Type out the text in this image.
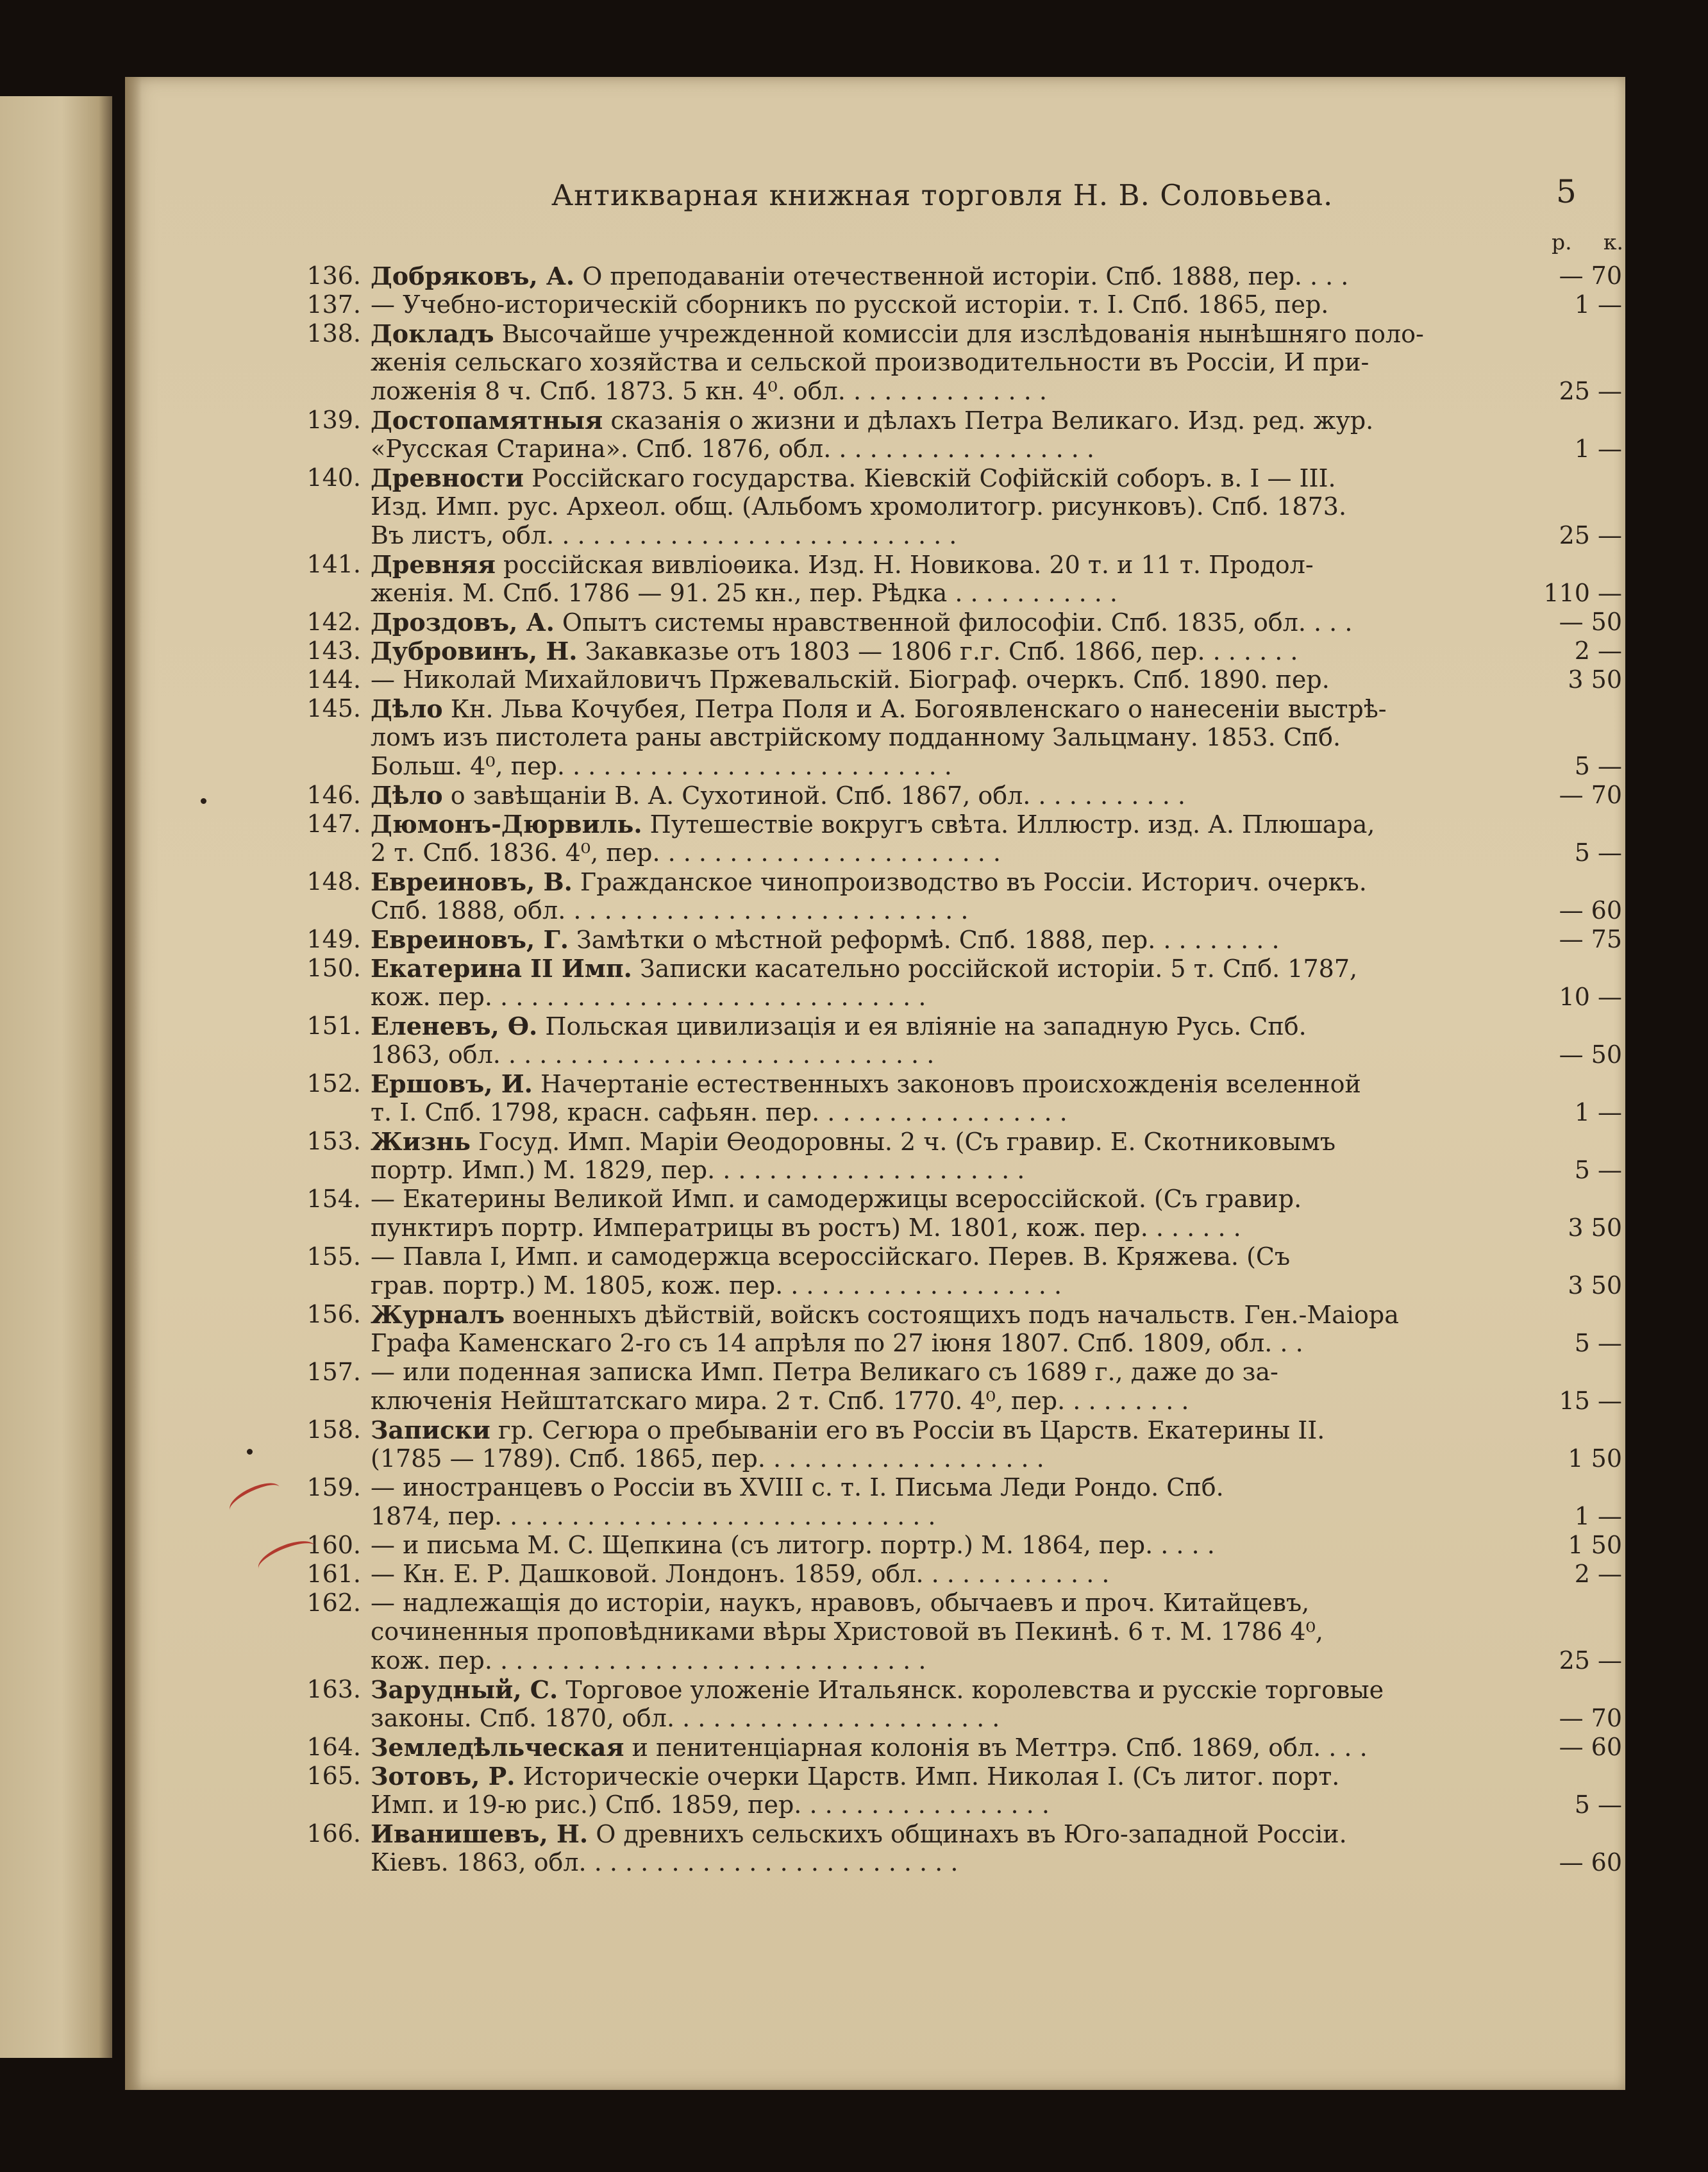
Антикварная книжная торговля Н. В. Соловьева.	5
р. к.
136. Добряковъ, А. О преподаваніи отечественной исторіи. Спб. 1888, пер. . . .	— 70
137. — Учебно-историческій сборникъ по русской исторіи. т. I. Спб. 1865, пер.	1 —
138. Докладъ Высочайше учрежденной комиссіи для изслѣдованія нынѣшняго поло-
женія сельскаго хозяйства и сельской производительности въ Россіи, И при-
ложенія 8 ч. Спб. 1873. 5 кн. 4⁰. обл. . . . . . . . . . . . . .	25 —
139. Достопамятныя сказанія о жизни и дѣлахъ Петра Великаго. Изд. ред. жур.
«Русская Старина». Спб. 1876, обл. . . . . . . . . . . . . . . . . .	1 —
140. Древности Россійскаго государства. Кіевскій Софійскій соборъ. в. I — III.
Изд. Имп. рус. Археол. общ. (Альбомъ хромолитогр. рисунковъ). Спб. 1873.
Въ листъ, обл. . . . . . . . . . . . . . . . . . . . . . . . . . .	25 —
141. Древняя россійская вивліоѳика. Изд. Н. Новикова. 20 т. и 11 т. Продол-
женія. М. Спб. 1786 — 91. 25 кн., пер. Рѣдка . . . . . . . . . . .	110 —
142. Дроздовъ, А. Опытъ системы нравственной философіи. Спб. 1835, обл. . . .	— 50
143. Дубровинъ, Н. Закавказье отъ 1803 — 1806 г.г. Спб. 1866, пер. . . . . . .	2 —
144. — Николай Михайловичъ Пржевальскій. Біограф. очеркъ. Спб. 1890. пер.	3 50
145. Дѣло Кн. Льва Кочубея, Петра Поля и А. Богоявленскаго о нанесеніи выстрѣ-
ломъ изъ пистолета раны австрійскому подданному Зальцману. 1853. Спб.
Больш. 4⁰, пер. . . . . . . . . . . . . . . . . . . . . . . . . .	5 —
146. Дѣло о завѣщаніи В. А. Сухотиной. Спб. 1867, обл. . . . . . . . . . .	— 70
147. Дюмонъ-Дюрвиль. Путешествіе вокругъ свѣта. Иллюстр. изд. А. Плюшара,
2 т. Спб. 1836. 4⁰, пер. . . . . . . . . . . . . . . . . . . . . . .	5 —
148. Евреиновъ, В. Гражданское чинопроизводство въ Россіи. Историч. очеркъ.
Спб. 1888, обл. . . . . . . . . . . . . . . . . . . . . . . . . . .	— 60
149. Евреиновъ, Г. Замѣтки о мѣстной реформѣ. Спб. 1888, пер. . . . . . . . .	— 75
150. Екатерина II Имп. Записки касательно россійской исторіи. 5 т. Спб. 1787,
кож. пер. . . . . . . . . . . . . . . . . . . . . . . . . . . . .	10 —
151. Еленевъ, Ѳ. Польская цивилизація и ея вліяніе на западную Русь. Спб.
1863, обл. . . . . . . . . . . . . . . . . . . . . . . . . . . . .	— 50
152. Ершовъ, И. Начертаніе естественныхъ законовъ происхожденія вселенной
т. I. Спб. 1798, красн. сафьян. пер. . . . . . . . . . . . . . . . .	1 —
153. Жизнь Госуд. Имп. Маріи Ѳеодоровны. 2 ч. (Съ гравир. Е. Скотниковымъ
портр. Имп.) М. 1829, пер. . . . . . . . . . . . . . . . . . . . .	5 —
154. — Екатерины Великой Имп. и самодержицы всероссійской. (Съ гравир.
пунктиръ портр. Императрицы въ ростъ) М. 1801, кож. пер. . . . . . .	3 50
155. — Павла I, Имп. и самодержца всероссійскаго. Перев. В. Кряжева. (Съ
грав. портр.) М. 1805, кож. пер. . . . . . . . . . . . . . . . . . .	3 50
156. Журналъ военныхъ дѣйствій, войскъ состоящихъ подъ начальств. Ген.-Маіора
Графа Каменскаго 2-го съ 14 апрѣля по 27 іюня 1807. Спб. 1809, обл. . .	5 —
157. — или поденная записка Имп. Петра Великаго съ 1689 г., даже до за-
ключенія Нейштатскаго мира. 2 т. Спб. 1770. 4⁰, пер. . . . . . . . .	15 —
158. Записки гр. Сегюра о пребываніи его въ Россіи въ Царств. Екатерины II.
(1785 — 1789). Спб. 1865, пер. . . . . . . . . . . . . . . . . . .	1 50
159. — иностранцевъ о Россіи въ XVIII с. т. I. Письма Леди Рондо. Спб.
1874, пер. . . . . . . . . . . . . . . . . . . . . . . . . . . . .	1 —
160. — и письма М. С. Щепкина (съ литогр. портр.) М. 1864, пер. . . . .	1 50
161. — Кн. Е. Р. Дашковой. Лондонъ. 1859, обл. . . . . . . . . . . . .	2 —
162. — надлежащія до исторіи, наукъ, нравовъ, обычаевъ и проч. Китайцевъ,
сочиненныя проповѣдниками вѣры Христовой въ Пекинѣ. 6 т. М. 1786 4⁰,
кож. пер. . . . . . . . . . . . . . . . . . . . . . . . . . . . .	25 —
163. Зарудный, С. Торговое уложеніе Итальянск. королевства и русскіе торговые
законы. Спб. 1870, обл. . . . . . . . . . . . . . . . . . . . . .	— 70
164. Земледѣльческая и пенитенціарная колонія въ Меттрэ. Спб. 1869, обл. . . .	— 60
165. Зотовъ, Р. Историческіе очерки Царств. Имп. Николая I. (Съ литог. порт.
Имп. и 19-ю рис.) Спб. 1859, пер. . . . . . . . . . . . . . . . .	5 —
166. Иванишевъ, Н. О древнихъ сельскихъ общинахъ въ Юго-западной Россіи.
Кіевъ. 1863, обл. . . . . . . . . . . . . . . . . . . . . . . . .	— 60
